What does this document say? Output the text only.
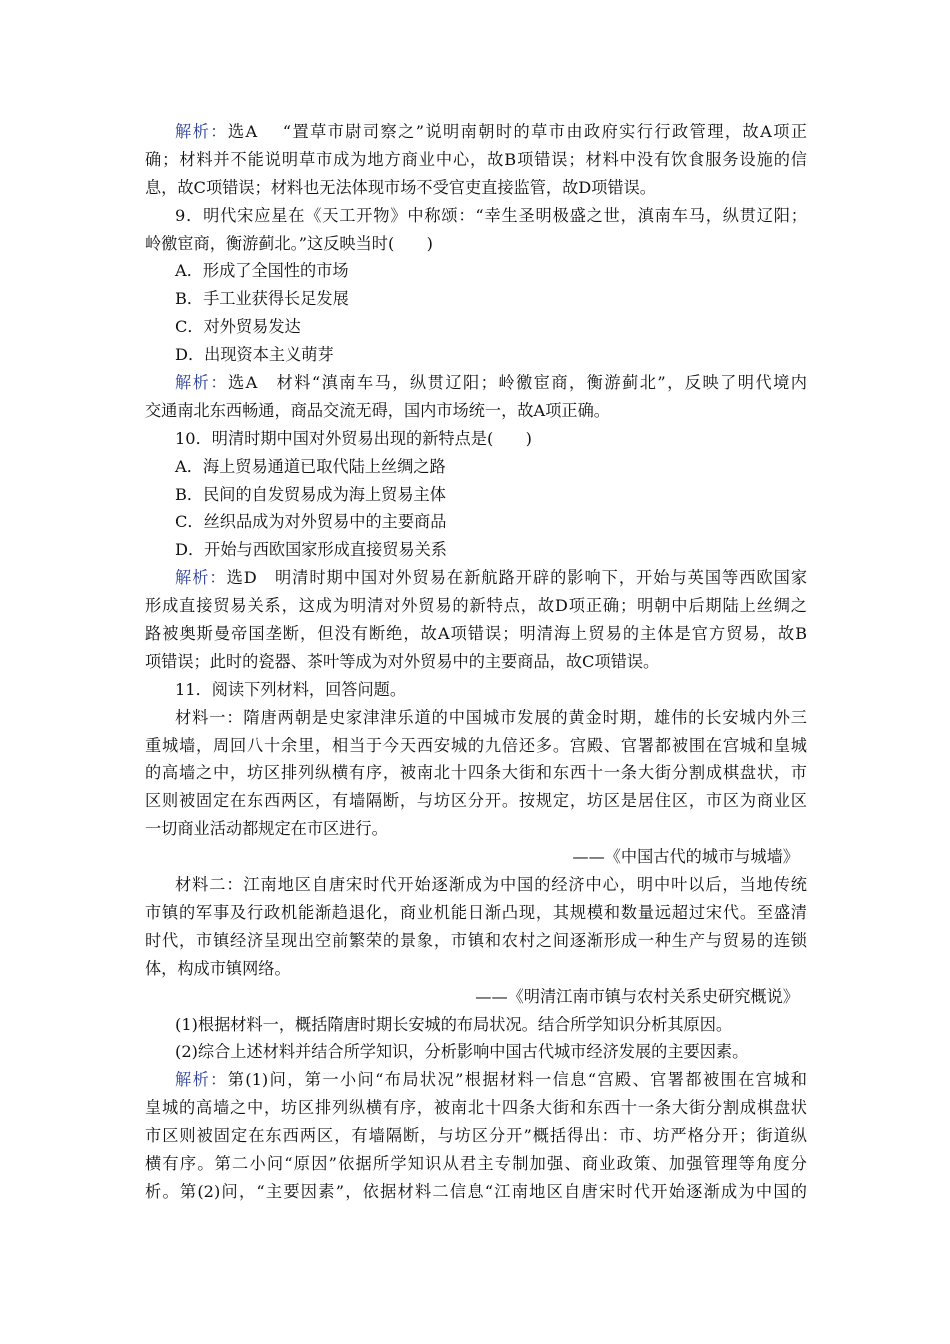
解析：选A　 “置草市尉司察之”说明南朝时的草市由政府实行行政管理，故A项正
确；材料并不能说明草市成为地方商业中心，故B项错误；材料中没有饮食服务设施的信
息，故C项错误；材料也无法体现市场不受官吏直接监管，故D项错误。
9．明代宋应星在《天工开物》中称颂：“幸生圣明极盛之世，滇南车马，纵贯辽阳；
岭徼宦商，衡游蓟北。”这反映当时(　　)
A．形成了全国性的市场
B．手工业获得长足发展
C．对外贸易发达
D．出现资本主义萌芽
解析：选A　材料“滇南车马，纵贯辽阳；岭徼宦商，衡游蓟北”，反映了明代境内
交通南北东西畅通，商品交流无碍，国内市场统一，故A项正确。
10．明清时期中国对外贸易出现的新特点是(　　)
A．海上贸易通道已取代陆上丝绸之路
B．民间的自发贸易成为海上贸易主体
C．丝织品成为对外贸易中的主要商品
D．开始与西欧国家形成直接贸易关系
解析：选D　明清时期中国对外贸易在新航路开辟的影响下，开始与英国等西欧国家
形成直接贸易关系，这成为明清对外贸易的新特点，故D项正确；明朝中后期陆上丝绸之
路被奥斯曼帝国垄断，但没有断绝，故A项错误；明清海上贸易的主体是官方贸易，故B
项错误；此时的瓷器、茶叶等成为对外贸易中的主要商品，故C项错误。
11．阅读下列材料，回答问题。
材料一：隋唐两朝是史家津津乐道的中国城市发展的黄金时期，雄伟的长安城内外三
重城墙，周回八十余里，相当于今天西安城的九倍还多。宫殿、官署都被围在宫城和皇城
的高墙之中，坊区排列纵横有序，被南北十四条大街和东西十一条大街分割成棋盘状，市
区则被固定在东西两区，有墙隔断，与坊区分开。按规定，坊区是居住区，市区为商业区
一切商业活动都规定在市区进行。
——《中国古代的城市与城墙》
材料二：江南地区自唐宋时代开始逐渐成为中国的经济中心，明中叶以后，当地传统
市镇的军事及行政机能渐趋退化，商业机能日渐凸现，其规模和数量远超过宋代。至盛清
时代，市镇经济呈现出空前繁荣的景象，市镇和农村之间逐渐形成一种生产与贸易的连锁
体，构成市镇网络。
——《明清江南市镇与农村关系史研究概说》
(1)根据材料一，概括隋唐时期长安城的布局状况。结合所学知识分析其原因。
(2)综合上述材料并结合所学知识，分析影响中国古代城市经济发展的主要因素。
解析：第(1)问，第一小问“布局状况”根据材料一信息“宫殿、官署都被围在宫城和
皇城的高墙之中，坊区排列纵横有序，被南北十四条大街和东西十一条大街分割成棋盘状
市区则被固定在东西两区，有墙隔断，与坊区分开”概括得出：市、坊严格分开；街道纵
横有序。第二小问“原因”依据所学知识从君主专制加强、商业政策、加强管理等角度分
析。第(2)问，“主要因素”，依据材料二信息“江南地区自唐宋时代开始逐渐成为中国的
